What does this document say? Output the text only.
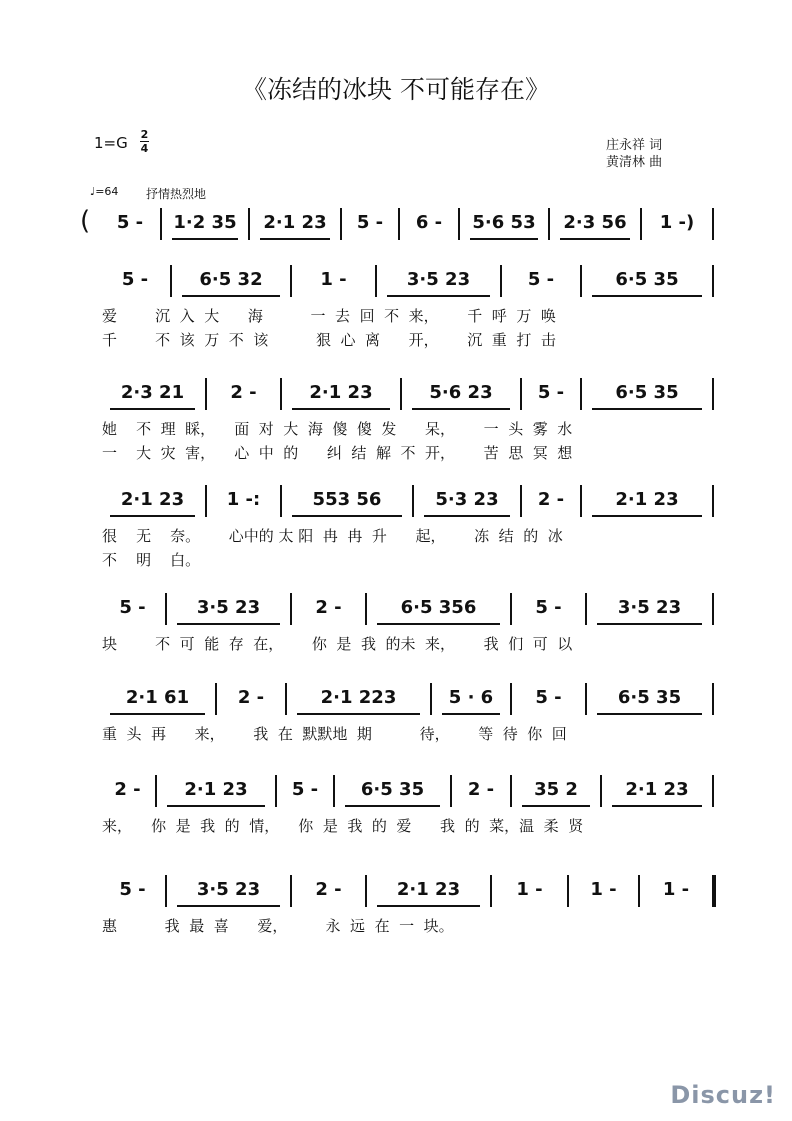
《冻结的冰块 不可能存在》
1=G 2
4	庄永祥 词
黄清林 曲
♩=64 抒情热烈地
(	5 -	1·2 35	2·1 23	5 -	6 -	5·6 53	2·3 56	1 -)
5 -	6·5 32	1 -	3·5 23	5 -	6·5 35
爱        沉  入  大      海          一  去  回  不  来，      千  呼  万  唤
千        不  该  万  不  该          狠  心  离      开，      沉  重  打  击
2·3 21	2 -	2·1 23	5·6 23	5 -	6·5 35
她    不  理  睬，    面  对  大  海  傻  傻  发      呆，      一  头  雾  水
一    大  灾  害，    心  中  的      纠  结  解  不  开，      苦  思  冥  想
2·1 23	1 -:	553 56	5·3 23	2 -	2·1 23
很    无    奈。      心中的 太 阳  冉  冉  升      起，      冻  结  的  冰
不    明    白。
5 -	3·5 23	2 -	6·5 356	5 -	3·5 23
块        不  可  能  存  在，      你  是  我  的未  来，      我  们  可  以
2·1 61	2 -	2·1 223	5 · 6	5 -	6·5 35
重  头  再      来，      我  在  默默地  期          待，      等  待  你  回
2 -	2·1 23	5 -	6·5 35	2 -	35 2	2·1 23
来，    你  是  我  的  情，    你  是  我  的  爱      我  的  菜，温  柔  贤
5 -	3·5 23	2 -	2·1 23	1 -	1 -	1 -
惠          我  最  喜      爱，        永  远  在  一  块。
Discuz!
